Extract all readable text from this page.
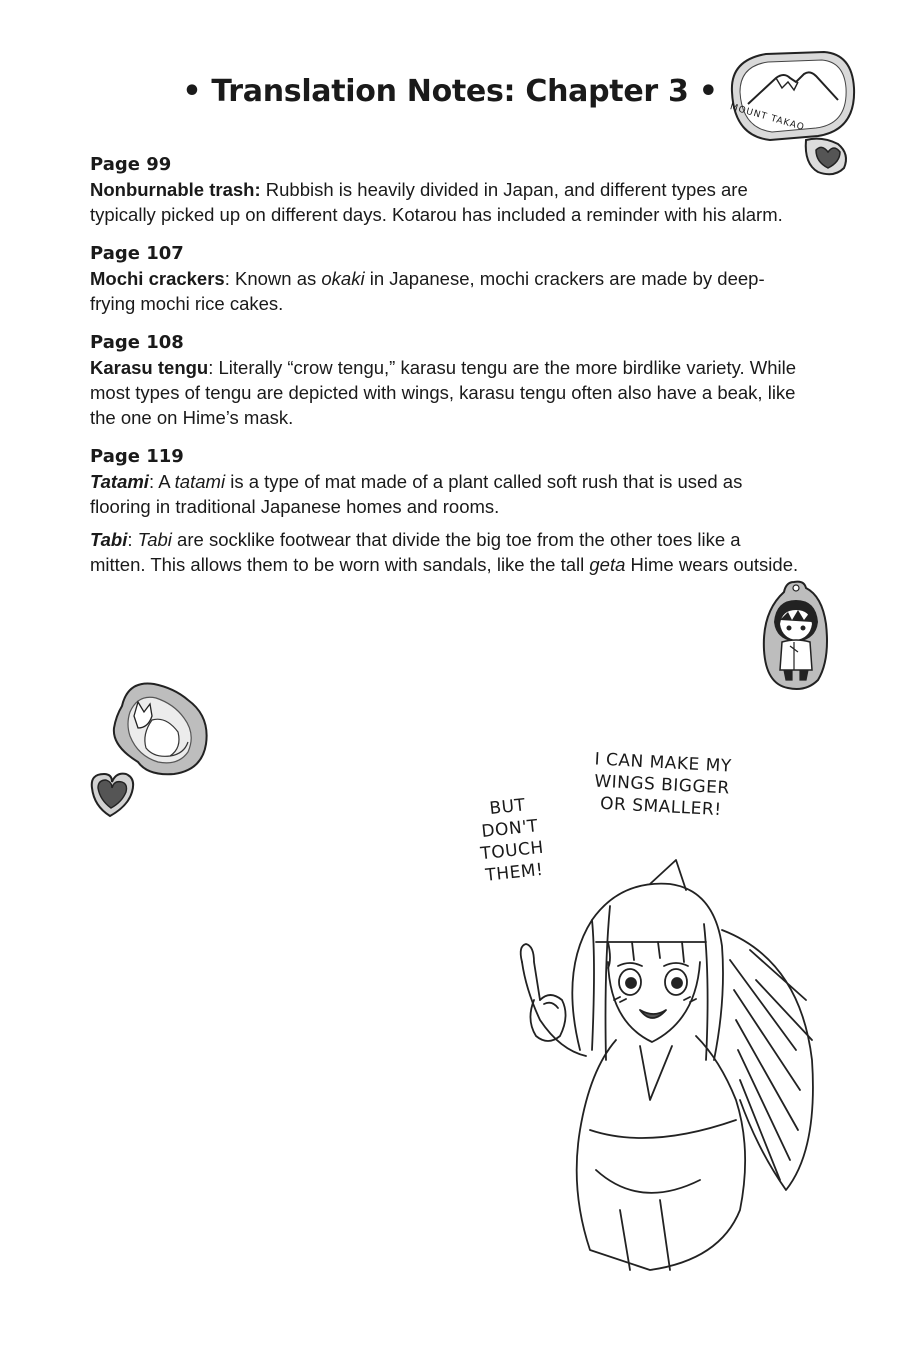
• Translation Notes: Chapter 3 •
MOUNT TAKAO
Page 99

Nonburnable trash: Rubbish is heavily divided in Japan, and different types are typically picked up on different days. Kotarou has included a reminder with his alarm.

Page 107

Mochi crackers: Known as okaki in Japanese, mochi crackers are made by deep-frying mochi rice cakes.

Page 108

Karasu tengu: Literally “crow tengu,” karasu tengu are the more birdlike variety. While most types of tengu are depicted with wings, karasu tengu often also have a beak, like the one on Hime’s mask.

Page 119

Tatami: A tatami is a type of mat made of a plant called soft rush that is used as flooring in traditional Japanese homes and rooms.

Tabi: Tabi are socklike footwear that divide the big toe from the other toes like a mitten. This allows them to be worn with sandals, like the tall geta Hime wears outside.

I CAN MAKE MY
WINGS BIGGER
OR SMALLER!
BUT
DON'T
TOUCH
THEM!
